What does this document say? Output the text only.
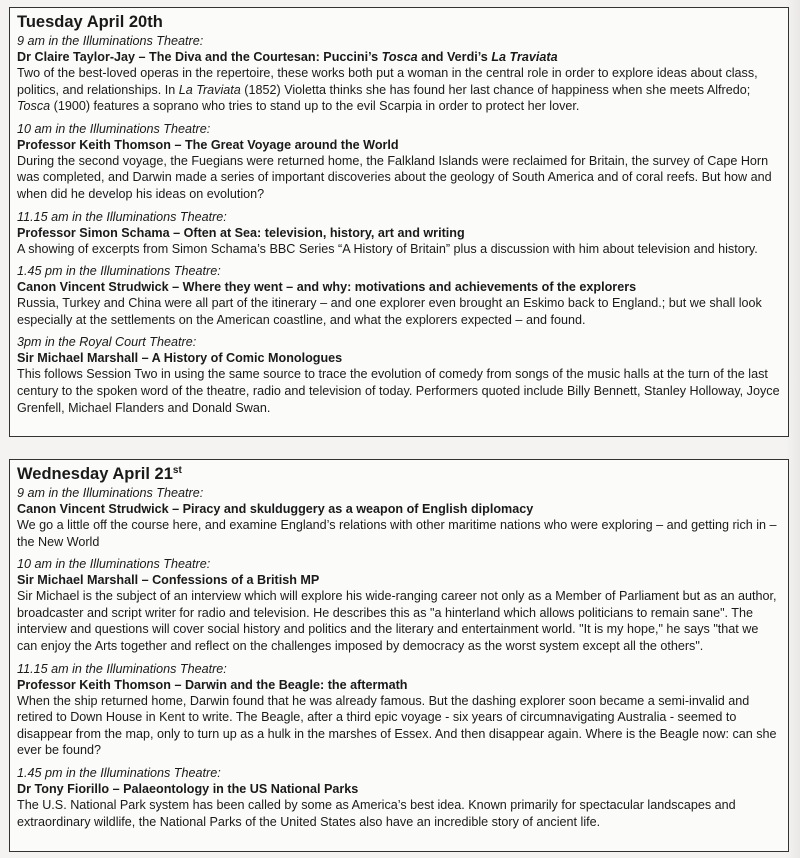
Tuesday April 20th
9 am in the Illuminations Theatre:
Dr Claire Taylor-Jay – The Diva and the Courtesan: Puccini’s Tosca and Verdi’s La Traviata
Two of the best-loved operas in the repertoire, these works both put a woman in the central role in order to explore ideas about class, politics, and relationships. In La Traviata (1852) Violetta thinks she has found her last chance of happiness when she meets Alfredo; Tosca (1900) features a soprano who tries to stand up to the evil Scarpia in order to protect her lover.
10 am in the Illuminations Theatre:
Professor Keith Thomson – The Great Voyage around the World
During the second voyage, the Fuegians were returned home, the Falkland Islands were reclaimed for Britain, the survey of Cape Horn was completed, and Darwin made a series of important discoveries about the geology of South America and of coral reefs. But how and when did he develop his ideas on evolution?
11.15 am in the Illuminations Theatre:
Professor Simon Schama – Often at Sea: television, history, art and writing
A showing of excerpts from Simon Schama’s BBC Series “A History of Britain” plus a discussion with him about television and history.
1.45 pm in the Illuminations Theatre:
Canon Vincent Strudwick – Where they went – and why: motivations and achievements of the explorers
Russia, Turkey and China were all part of the itinerary – and one explorer even brought an Eskimo back to England.; but we shall look especially at the settlements on the American coastline, and what the explorers expected – and found.
3pm in the Royal Court Theatre:
Sir Michael Marshall – A History of Comic Monologues
This follows Session Two in using the same source to trace the evolution of comedy from songs of the music halls at the turn of the last century to the spoken word of the theatre, radio and television of today. Performers quoted include Billy Bennett, Stanley Holloway, Joyce Grenfell, Michael Flanders and Donald Swan.
Wednesday April 21st
9 am in the Illuminations Theatre:
Canon Vincent Strudwick – Piracy and skulduggery as a weapon of English diplomacy
We go a little off the course here, and examine England’s relations with other maritime nations who were exploring – and getting rich in – the New World
10 am in the Illuminations Theatre:
Sir Michael Marshall – Confessions of a British MP
Sir Michael is the subject of an interview which will explore his wide-ranging career not only as a Member of Parliament but as an author, broadcaster and script writer for radio and television. He describes this as "a hinterland which allows politicians to remain sane". The interview and questions will cover social history and politics and the literary and entertainment world. "It is my hope," he says "that we can enjoy the Arts together and reflect on the challenges imposed by democracy as the worst system except all the others".
11.15 am in the Illuminations Theatre:
Professor Keith Thomson – Darwin and the Beagle: the aftermath
When the ship returned home, Darwin found that he was already famous. But the dashing explorer soon became a semi-invalid and retired to Down House in Kent to write. The Beagle, after a third epic voyage - six years of circumnavigating Australia - seemed to disappear from the map, only to turn up as a hulk in the marshes of Essex. And then disappear again. Where is the Beagle now: can she ever be found?
1.45 pm in the Illuminations Theatre:
Dr Tony Fiorillo – Palaeontology in the US National Parks
The U.S. National Park system has been called by some as America’s best idea. Known primarily for spectacular landscapes and extraordinary wildlife, the National Parks of the United States also have an incredible story of ancient life.
